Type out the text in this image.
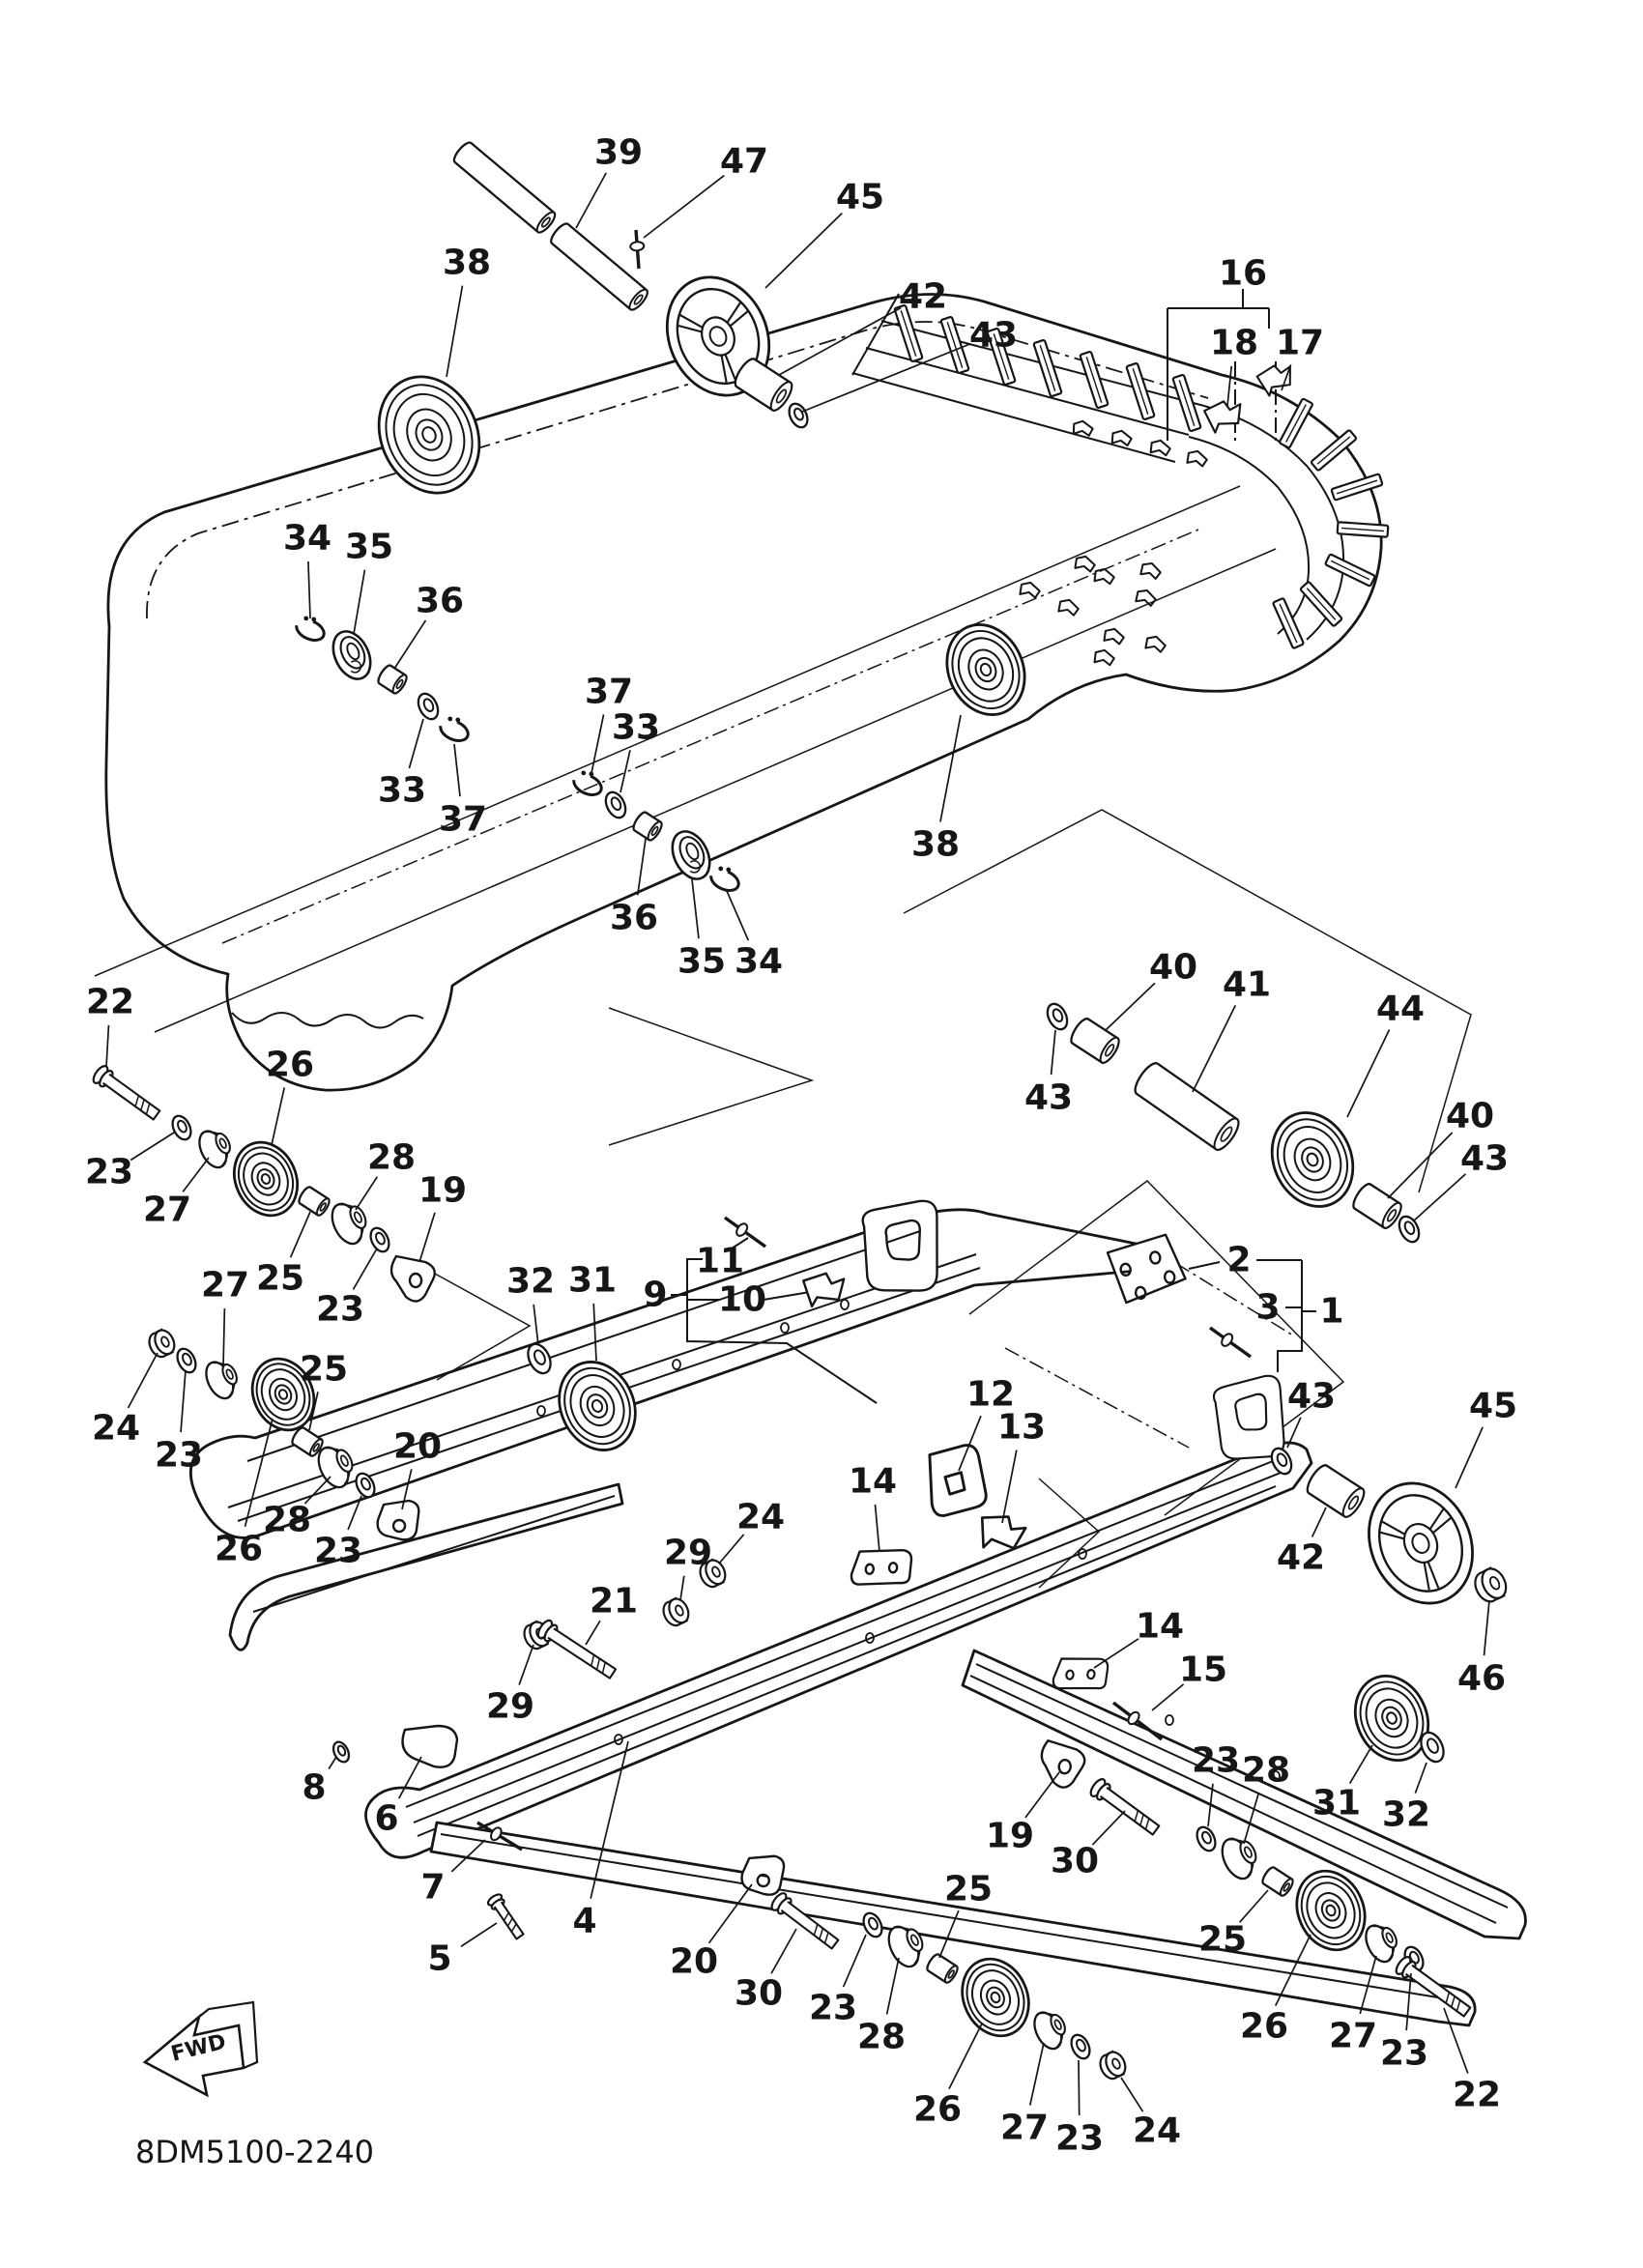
39 47
45
38
42
43
16
18 17
34 35
36
37
33
33
37
36
35 34
38
40 41
44
43	40
43
22
26
23
27
28
19
25
23
27
24
23
25
26
28
23
20
32 31 11
9 10
2
3 1
12
13
14
14
15
24
29
21
29
8
6
7
5
4
20
30 23
28
25
26 27 23 24
19
30
23 28
25
26 27 23
22
31 32
42
43	45
46
FWD
8DM5100-2240
